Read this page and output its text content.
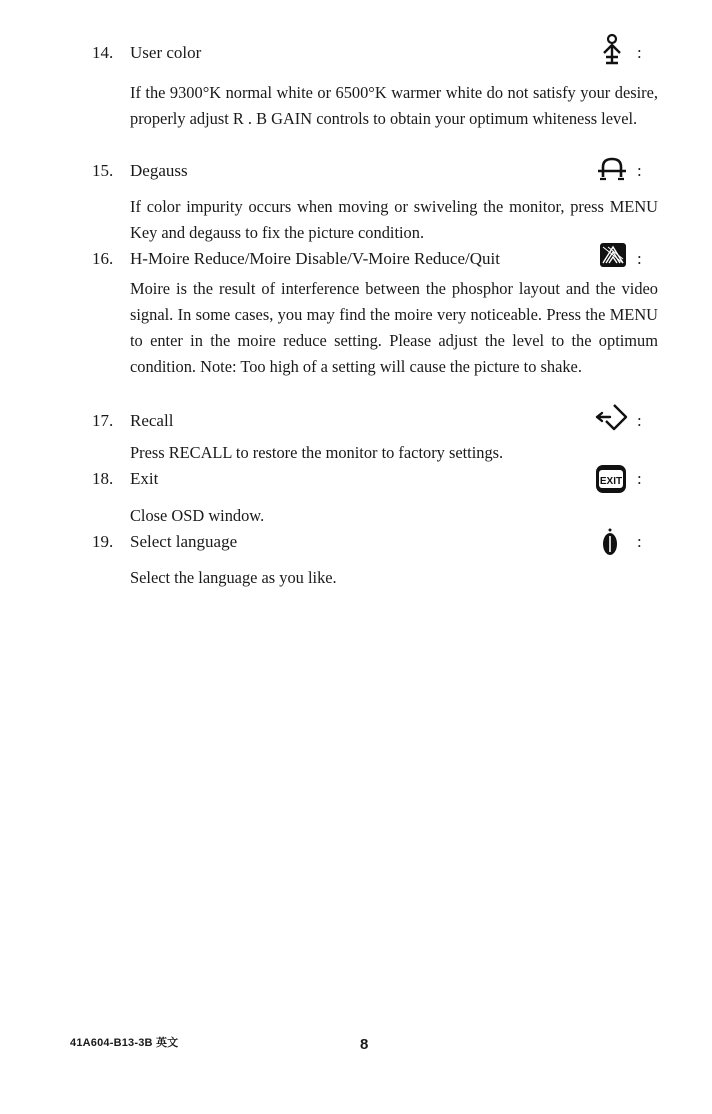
14. User color	:
If the 9300°K normal white or 6500°K warmer white do not satisfy your desire, properly adjust R . B GAIN controls to obtain your optimum whiteness level.
15. Degauss	:
If color impurity occurs when moving or swiveling the monitor, press MENU Key and degauss to fix the picture condition.
16. H-Moire Reduce/Moire Disable/V-Moire Reduce/Quit	:
Moire is the result of interference between the phosphor layout and the video signal. In some cases, you may find the moire very noticeable. Press the MENU to enter in the moire reduce setting. Please adjust the level to the optimum condition. Note: Too high of a setting will cause the picture to shake.
17. Recall	:
Press RECALL to restore the monitor to factory settings.
18. Exit	EXIT :
Close OSD window.
19. Select language	:
Select the language as you like.
41A604-B13-3B 英文	8
